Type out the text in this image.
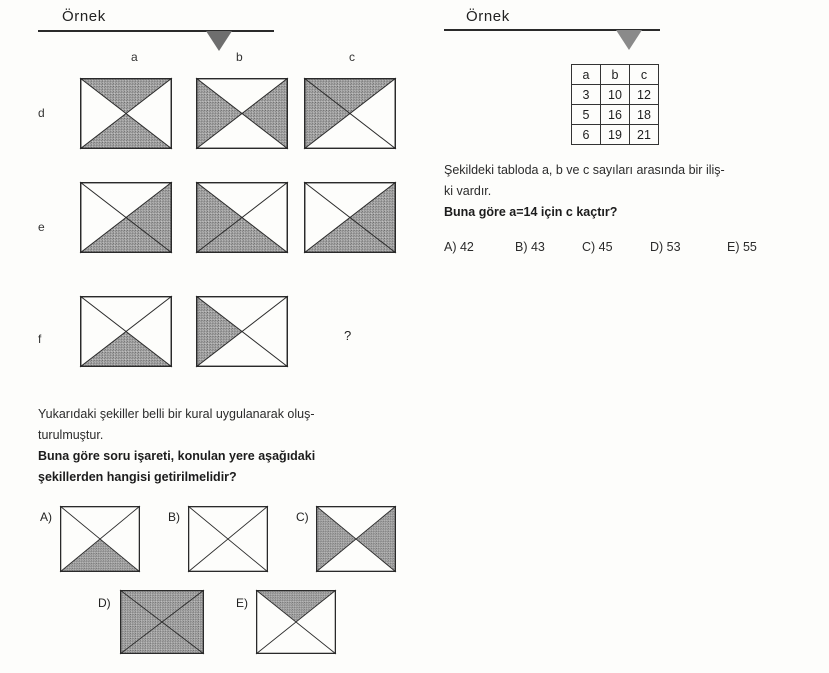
Örnek
a	b	c
d
e
f	?
Yukarıdaki şekiller belli bir kural uygulanarak oluş-
turulmuştur.
Buna göre soru işareti, konulan yere aşağıdaki
şekillerden hangisi getirilmelidir?
A)	B)	C)
D)	E)
Örnek
a	b	c
3	10	12
5	16	18
6	19	21
Şekildeki tabloda a, b ve c sayıları arasında bir iliş-
ki vardır.
Buna göre a=14 için c kaçtır?
A) 42	B) 43	C) 45	D) 53	E) 55
